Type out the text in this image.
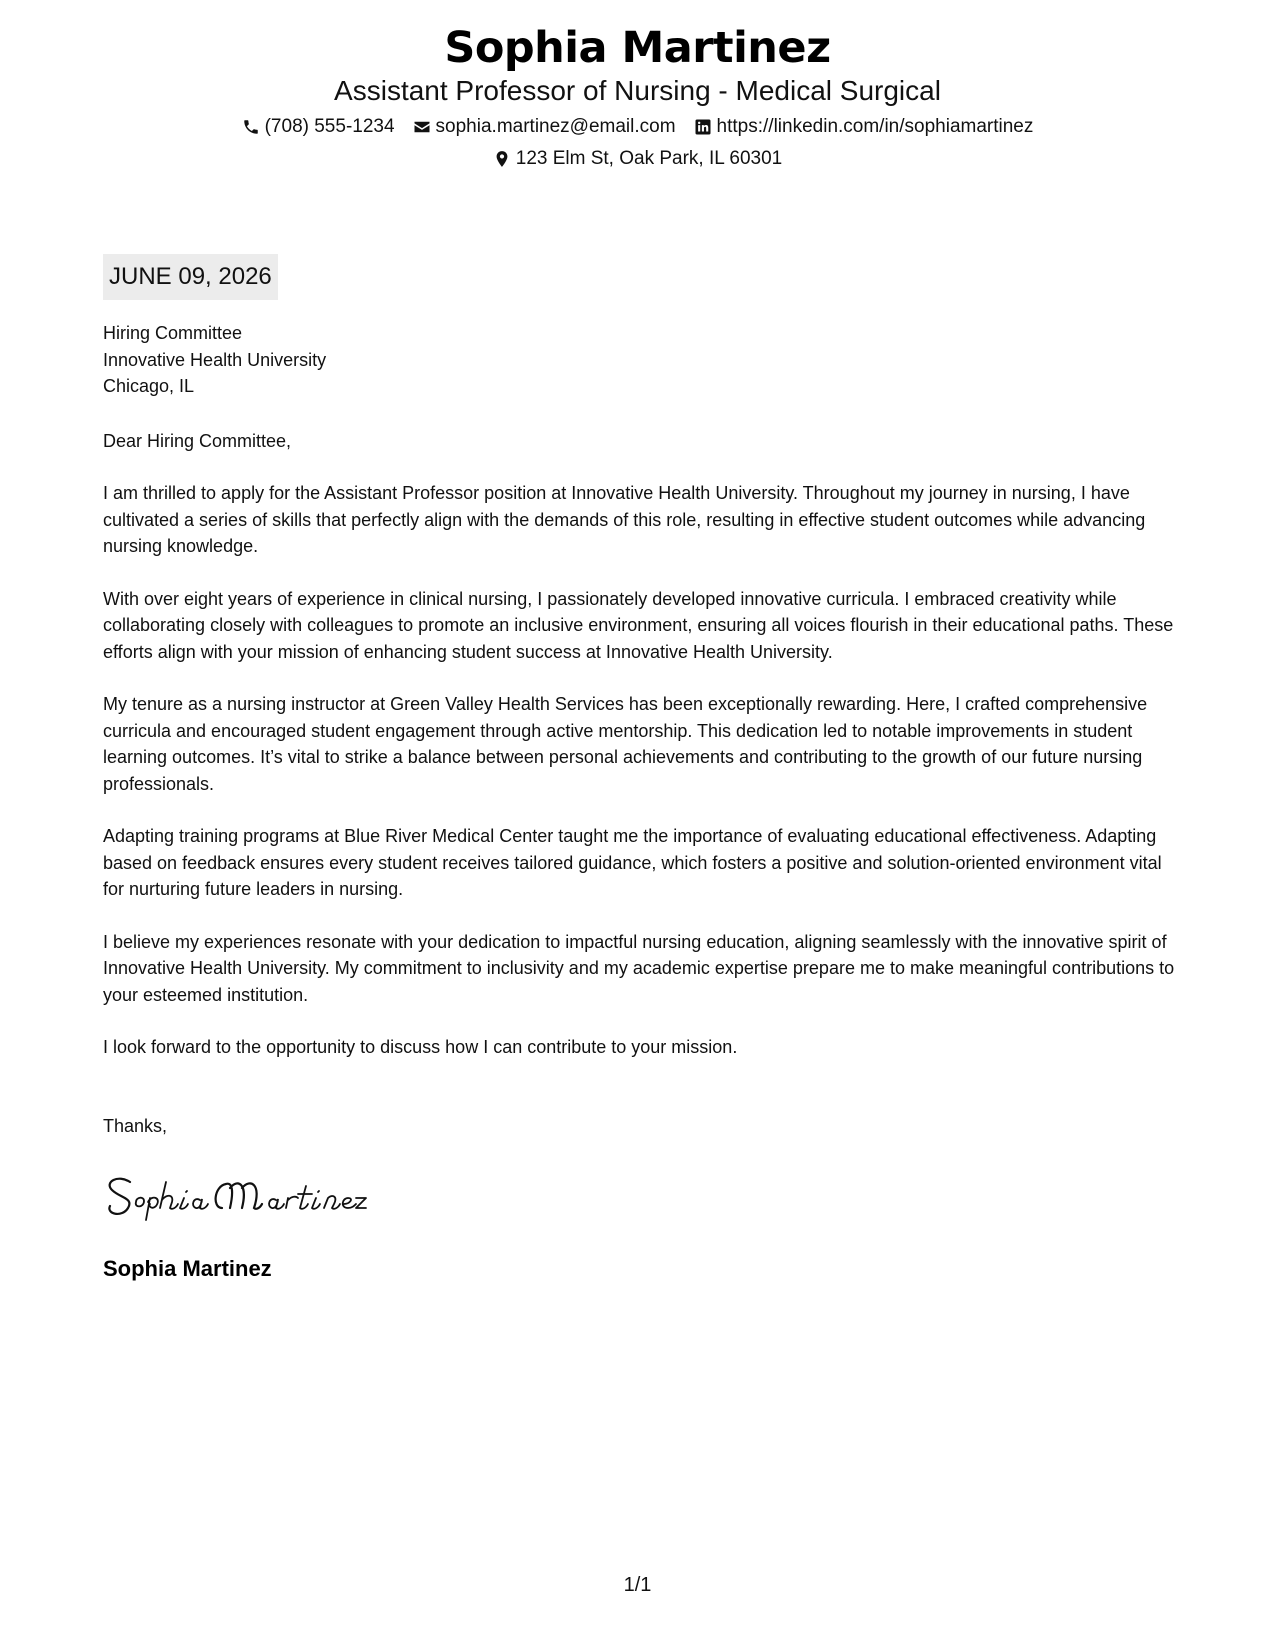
Sophia Martinez
Assistant Professor of Nursing - Medical Surgical
(708) 555-1234 sophia.martinez@email.com https://linkedin.com/in/sophiamartinez
123 Elm St, Oak Park, IL 60301
JUNE 09, 2026
Hiring Committee
Innovative Health University
Chicago, IL
Dear Hiring Committee,
I am thrilled to apply for the Assistant Professor position at Innovative Health University. Throughout my journey in nursing, I have cultivated a series of skills that perfectly align with the demands of this role, resulting in effective student outcomes while advancing nursing knowledge.
With over eight years of experience in clinical nursing, I passionately developed innovative curricula. I embraced creativity while collaborating closely with colleagues to promote an inclusive environment, ensuring all voices flourish in their educational paths. These efforts align with your mission of enhancing student success at Innovative Health University.
My tenure as a nursing instructor at Green Valley Health Services has been exceptionally rewarding. Here, I crafted comprehensive curricula and encouraged student engagement through active mentorship. This dedication led to notable improvements in student learning outcomes. It’s vital to strike a balance between personal achievements and contributing to the growth of our future nursing professionals.
Adapting training programs at Blue River Medical Center taught me the importance of evaluating educational effectiveness. Adapting based on feedback ensures every student receives tailored guidance, which fosters a positive and solution-oriented environment vital for nurturing future leaders in nursing.
I believe my experiences resonate with your dedication to impactful nursing education, aligning seamlessly with the innovative spirit of Innovative Health University. My commitment to inclusivity and my academic expertise prepare me to make meaningful contributions to your esteemed institution.
I look forward to the opportunity to discuss how I can contribute to your mission.
Thanks,
Sophia Martinez
1/1
